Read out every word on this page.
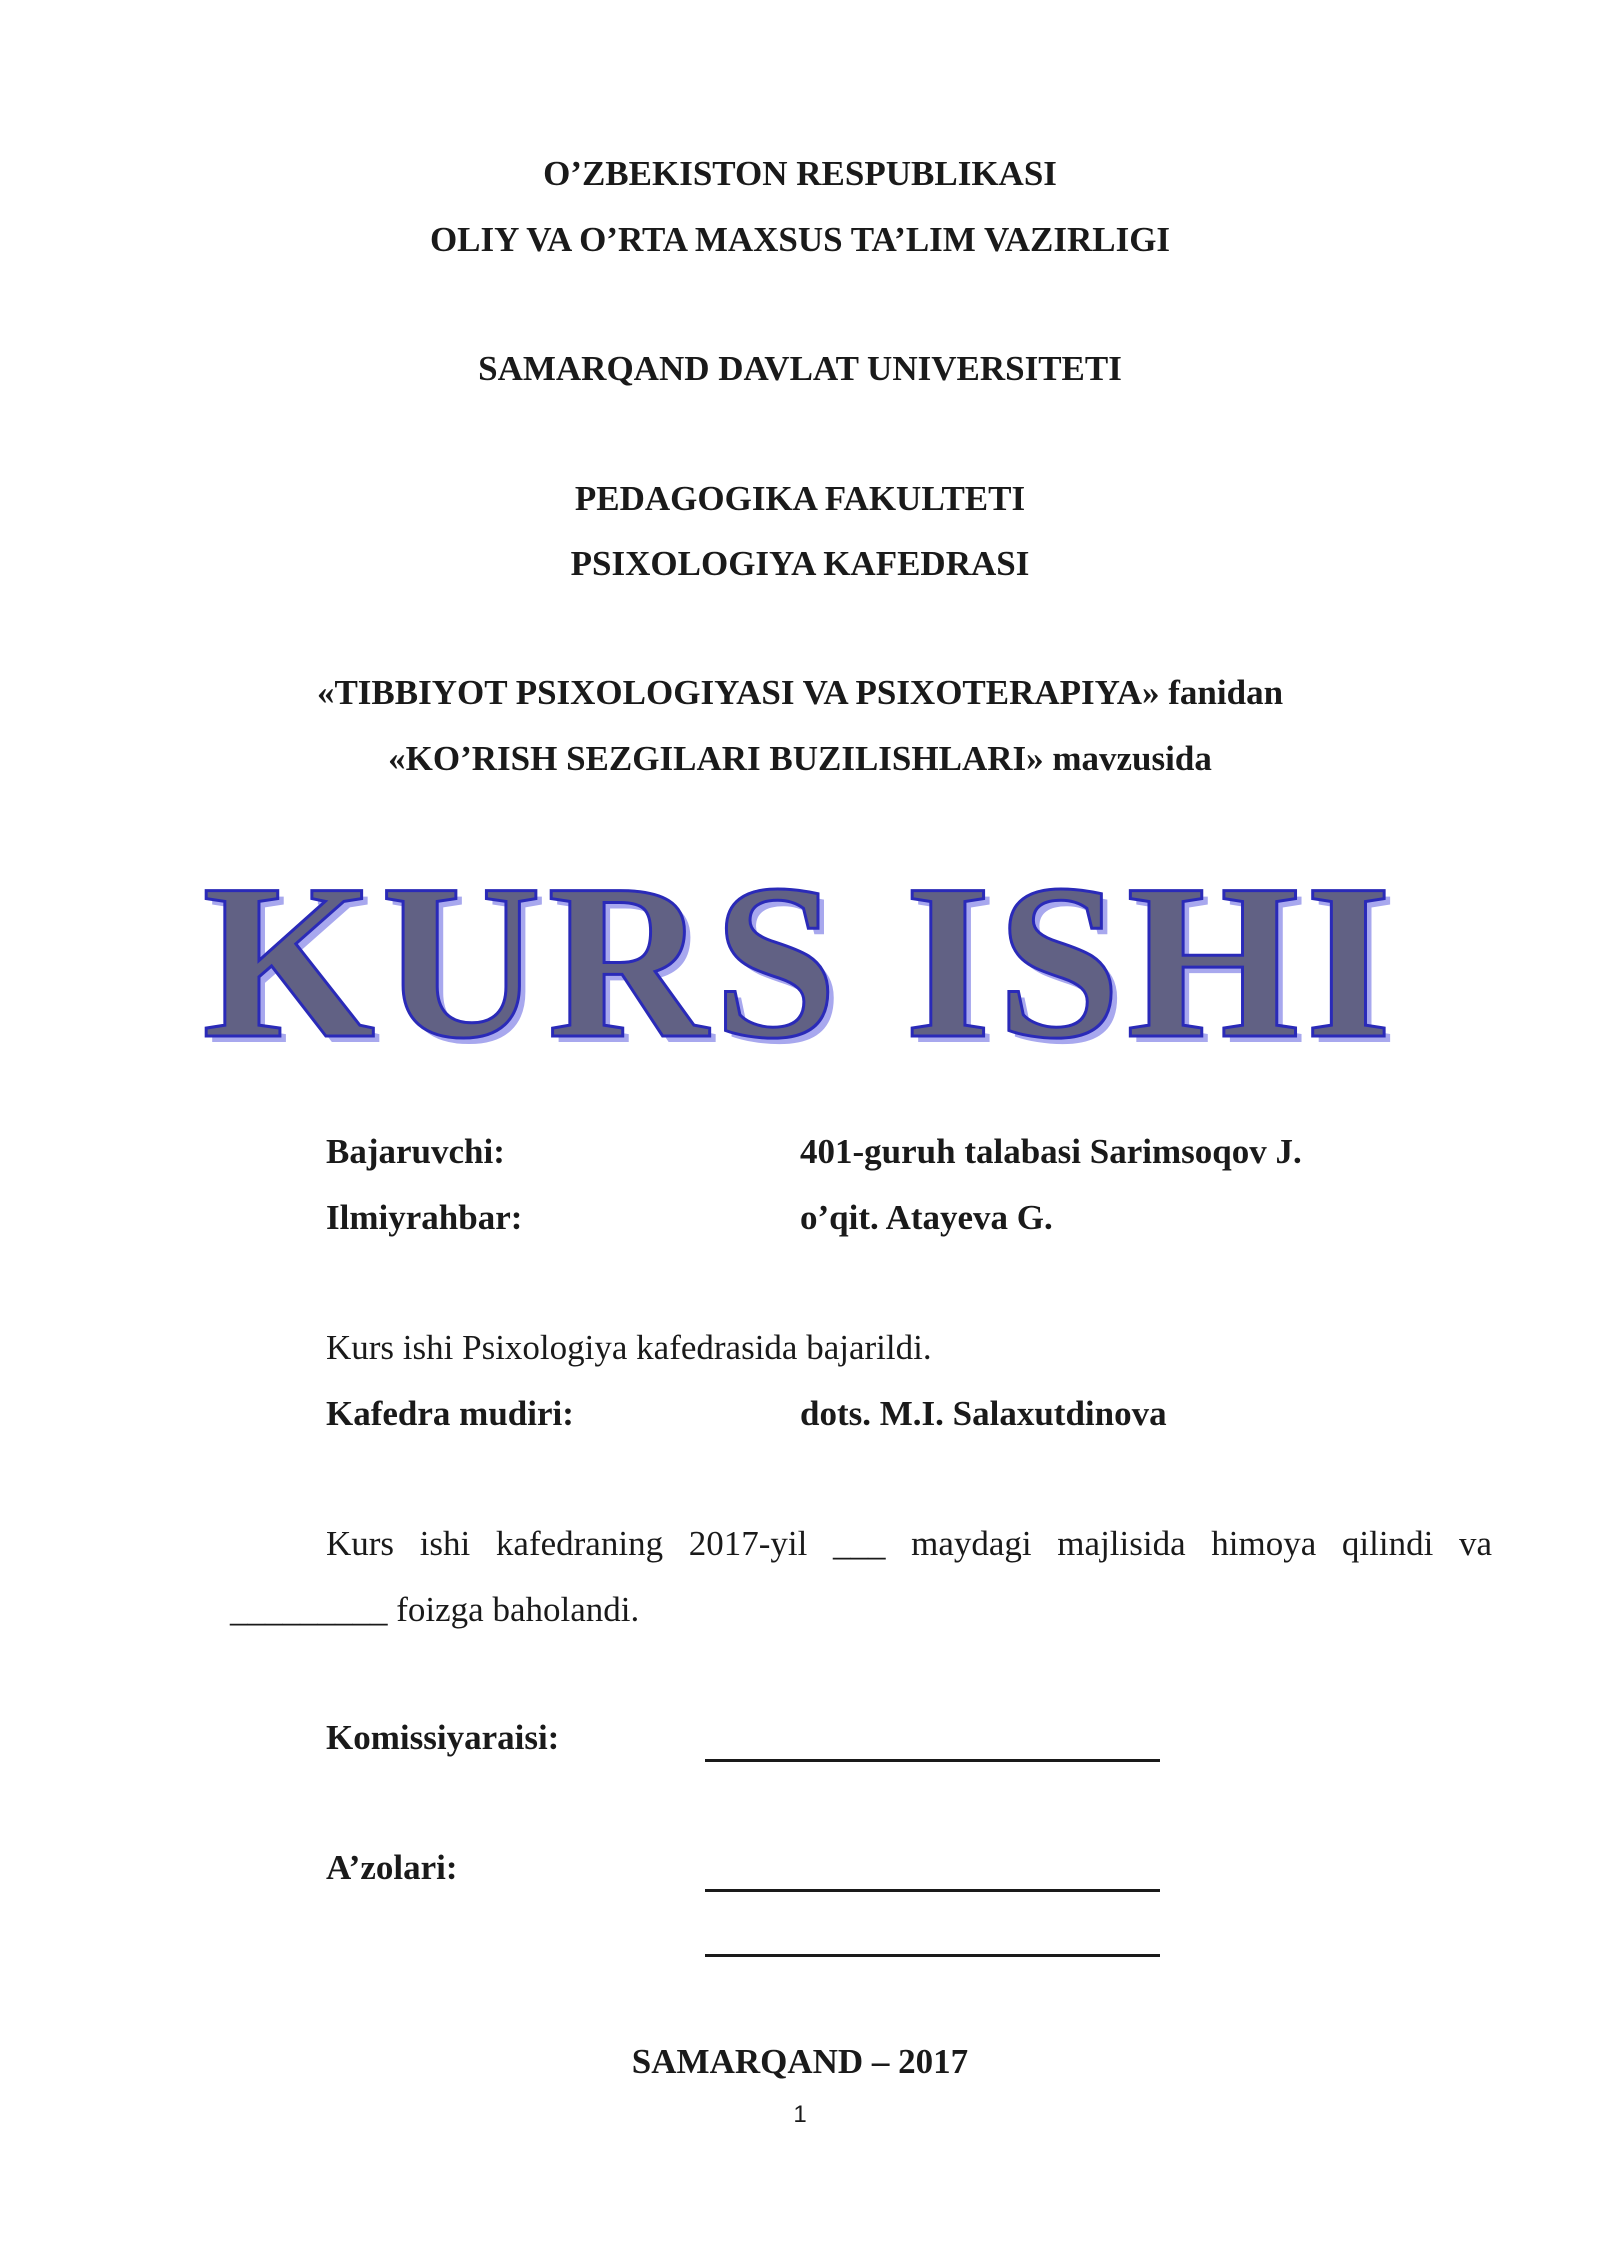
O’ZBEKISTON RESPUBLIKASI
OLIY VA O’RTA MAXSUS TA’LIM VAZIRLIGI
SAMARQAND DAVLAT UNIVERSITETI
PEDAGOGIKA FAKULTETI
PSIXOLOGIYA KAFEDRASI
«TIBBIYOT PSIXOLOGIYASI VA PSIXOTERAPIYA» fanidan
«KO’RISH SEZGILARI BUZILISHLARI» mavzusida
KURS ISHI
Bajaruvchi:	401-guruh talabasi Sarimsoqov J.
Ilmiyrahbar:	o’qit. Atayeva G.
Kurs ishi Psixologiya kafedrasida bajarildi.
Kafedra mudiri:	dots. M.I. Salaxutdinova
Kurs ishi kafedraning 2017-yil ___ maydagi majlisida himoya qilindi va
_________ foizga baholandi.
Komissiyaraisi:
A’zolari:
SAMARQAND – 2017
1
